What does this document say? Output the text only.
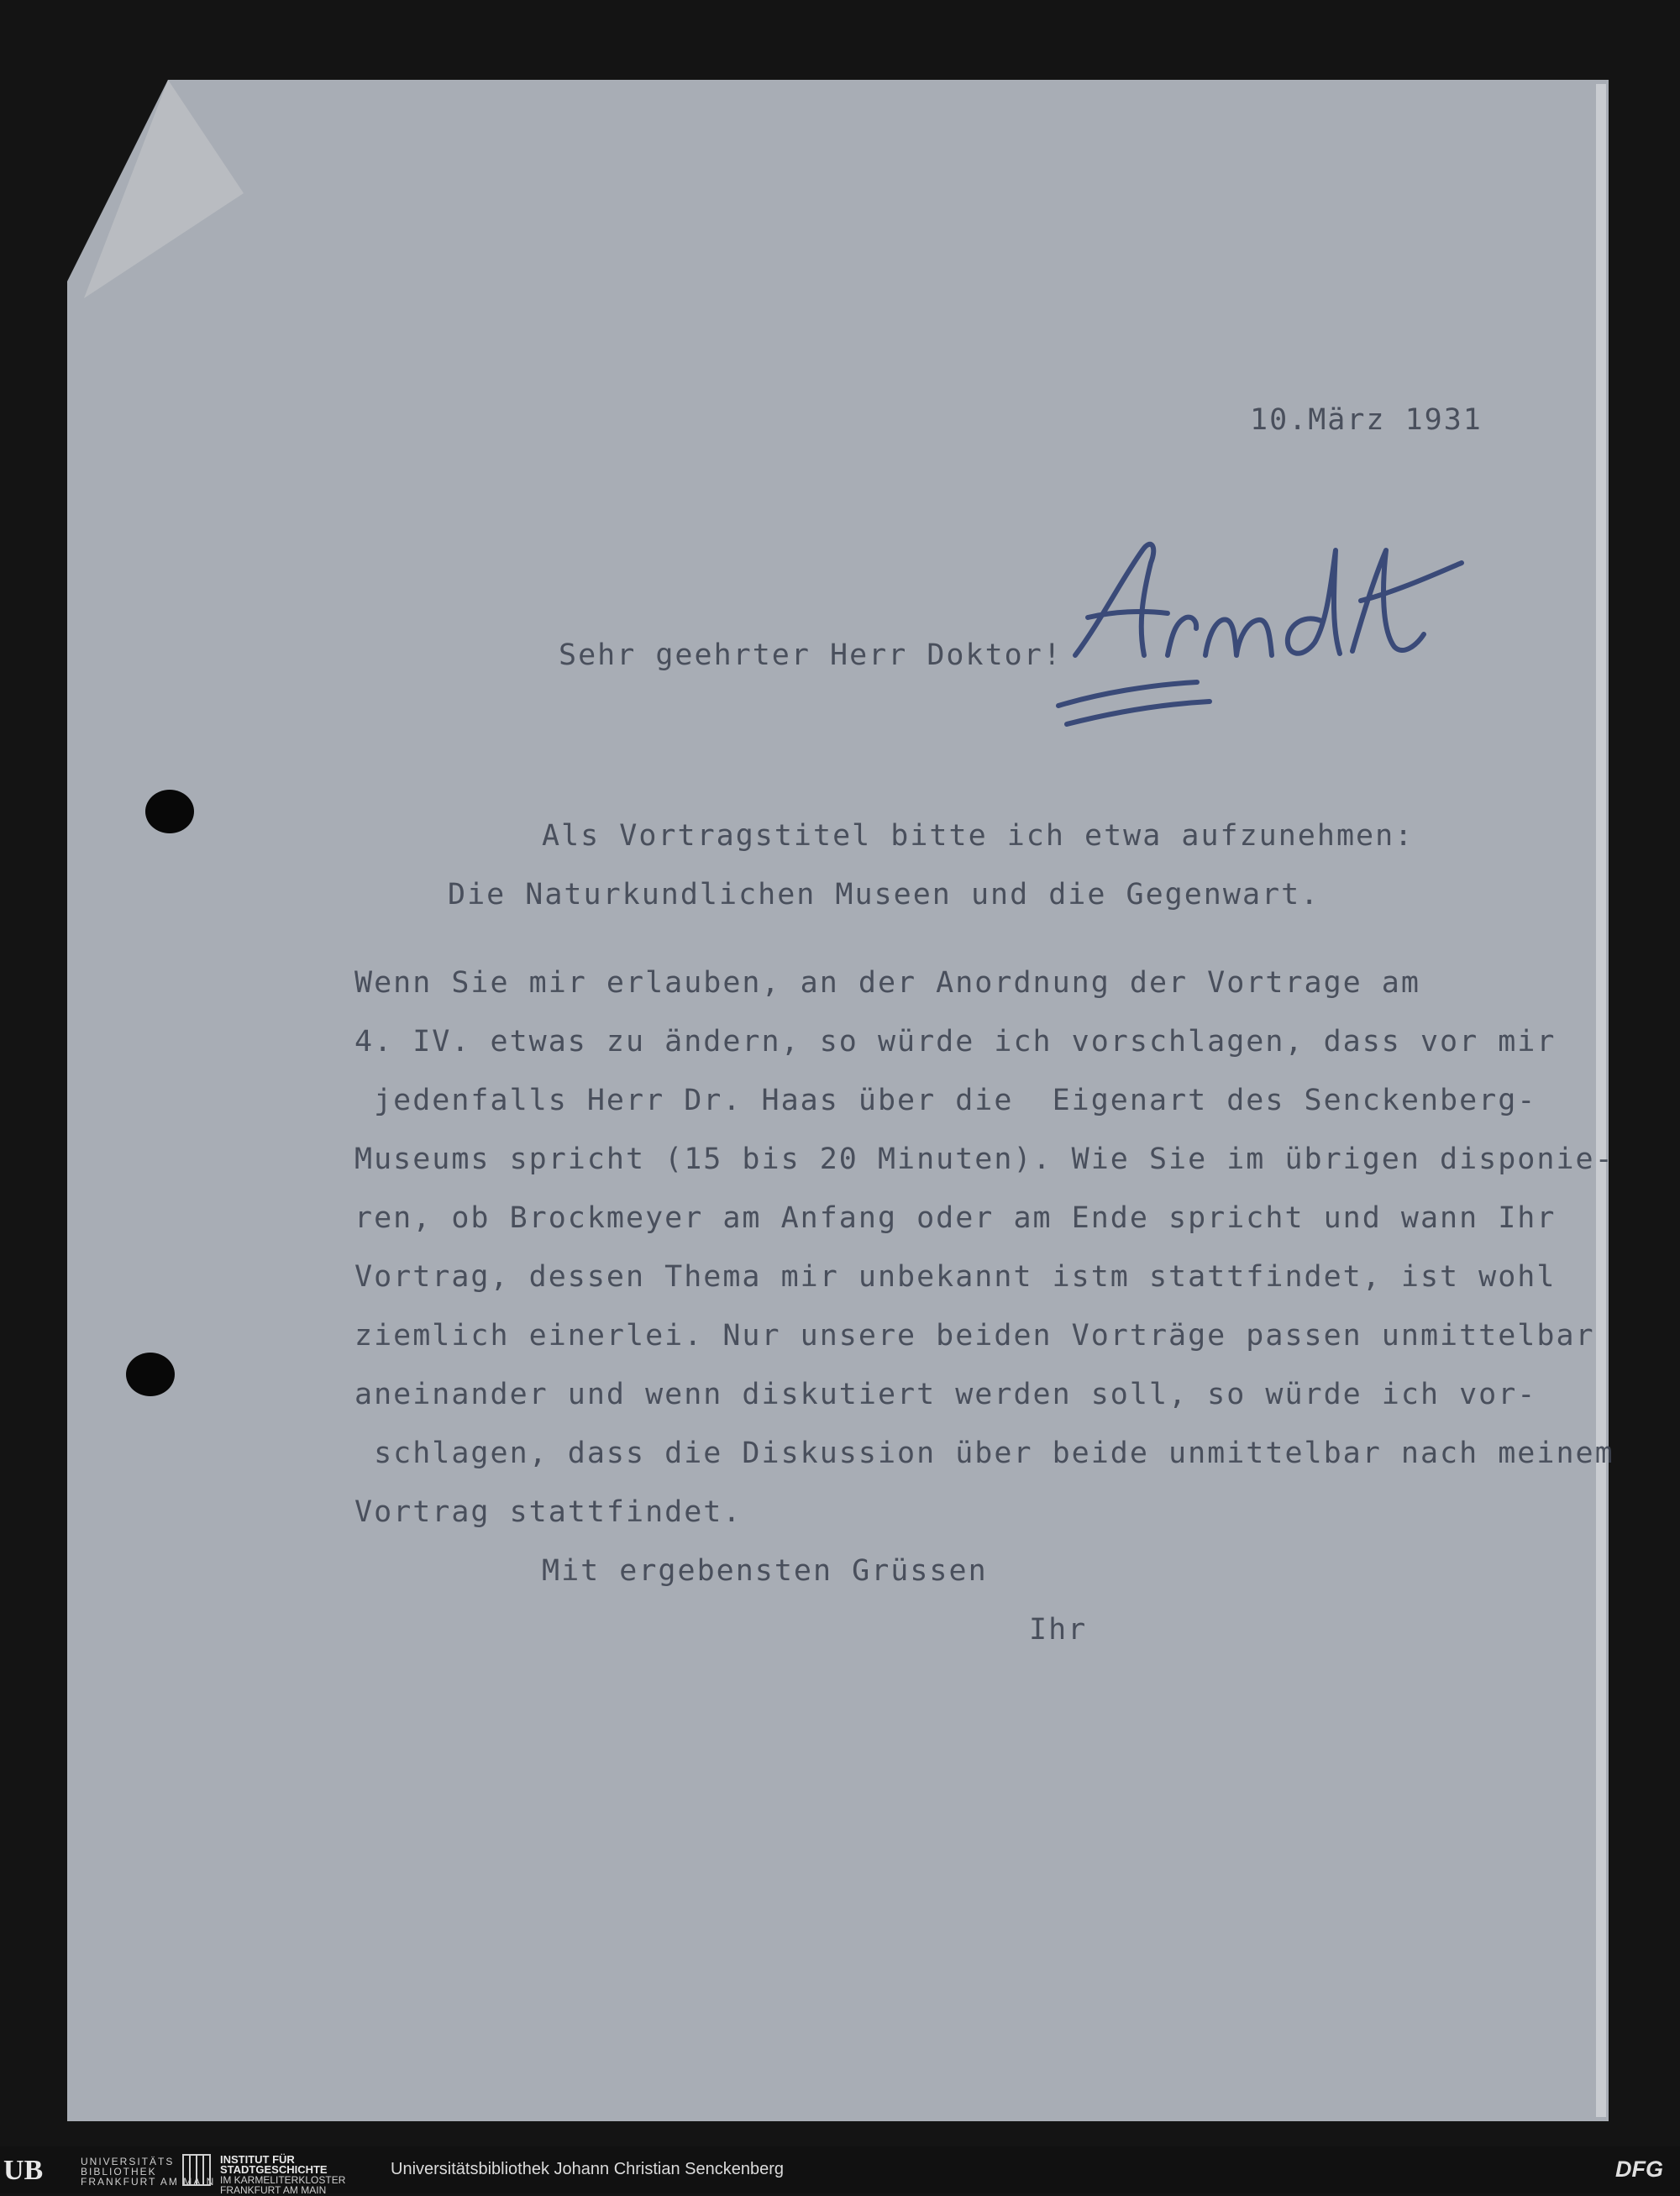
10.März 1931
Sehr geehrter Herr Doktor!
Als Vortragstitel bitte ich etwa aufzunehmen:
Die Naturkundlichen Museen und die Gegenwart.
Wenn Sie mir erlauben, an der Anordnung der Vortrage am
4. IV. etwas zu ändern, so würde ich vorschlagen, dass vor mir
jedenfalls Herr Dr. Haas über die  Eigenart des Senckenberg-
Museums spricht (15 bis 20 Minuten). Wie Sie im übrigen disponie-
ren, ob Brockmeyer am Anfang oder am Ende spricht und wann Ihr
Vortrag, dessen Thema mir unbekannt istm stattfindet, ist wohl
ziemlich einerlei. Nur unsere beiden Vorträge passen unmittelbar
aneinander und wenn diskutiert werden soll, so würde ich vor-
schlagen, dass die Diskussion über beide unmittelbar nach meinem
Vortrag stattfindet.
Mit ergebensten Grüssen
Ihr
UB	UNIVERSITÄTS
BIBLIOTHEK
FRANKFURT AM MAIN
INSTITUT FÜR
STADTGESCHICHTE
IM KARMELITERKLOSTER
FRANKFURT AM MAIN
Universitätsbibliothek Johann Christian Senckenberg	DFG
